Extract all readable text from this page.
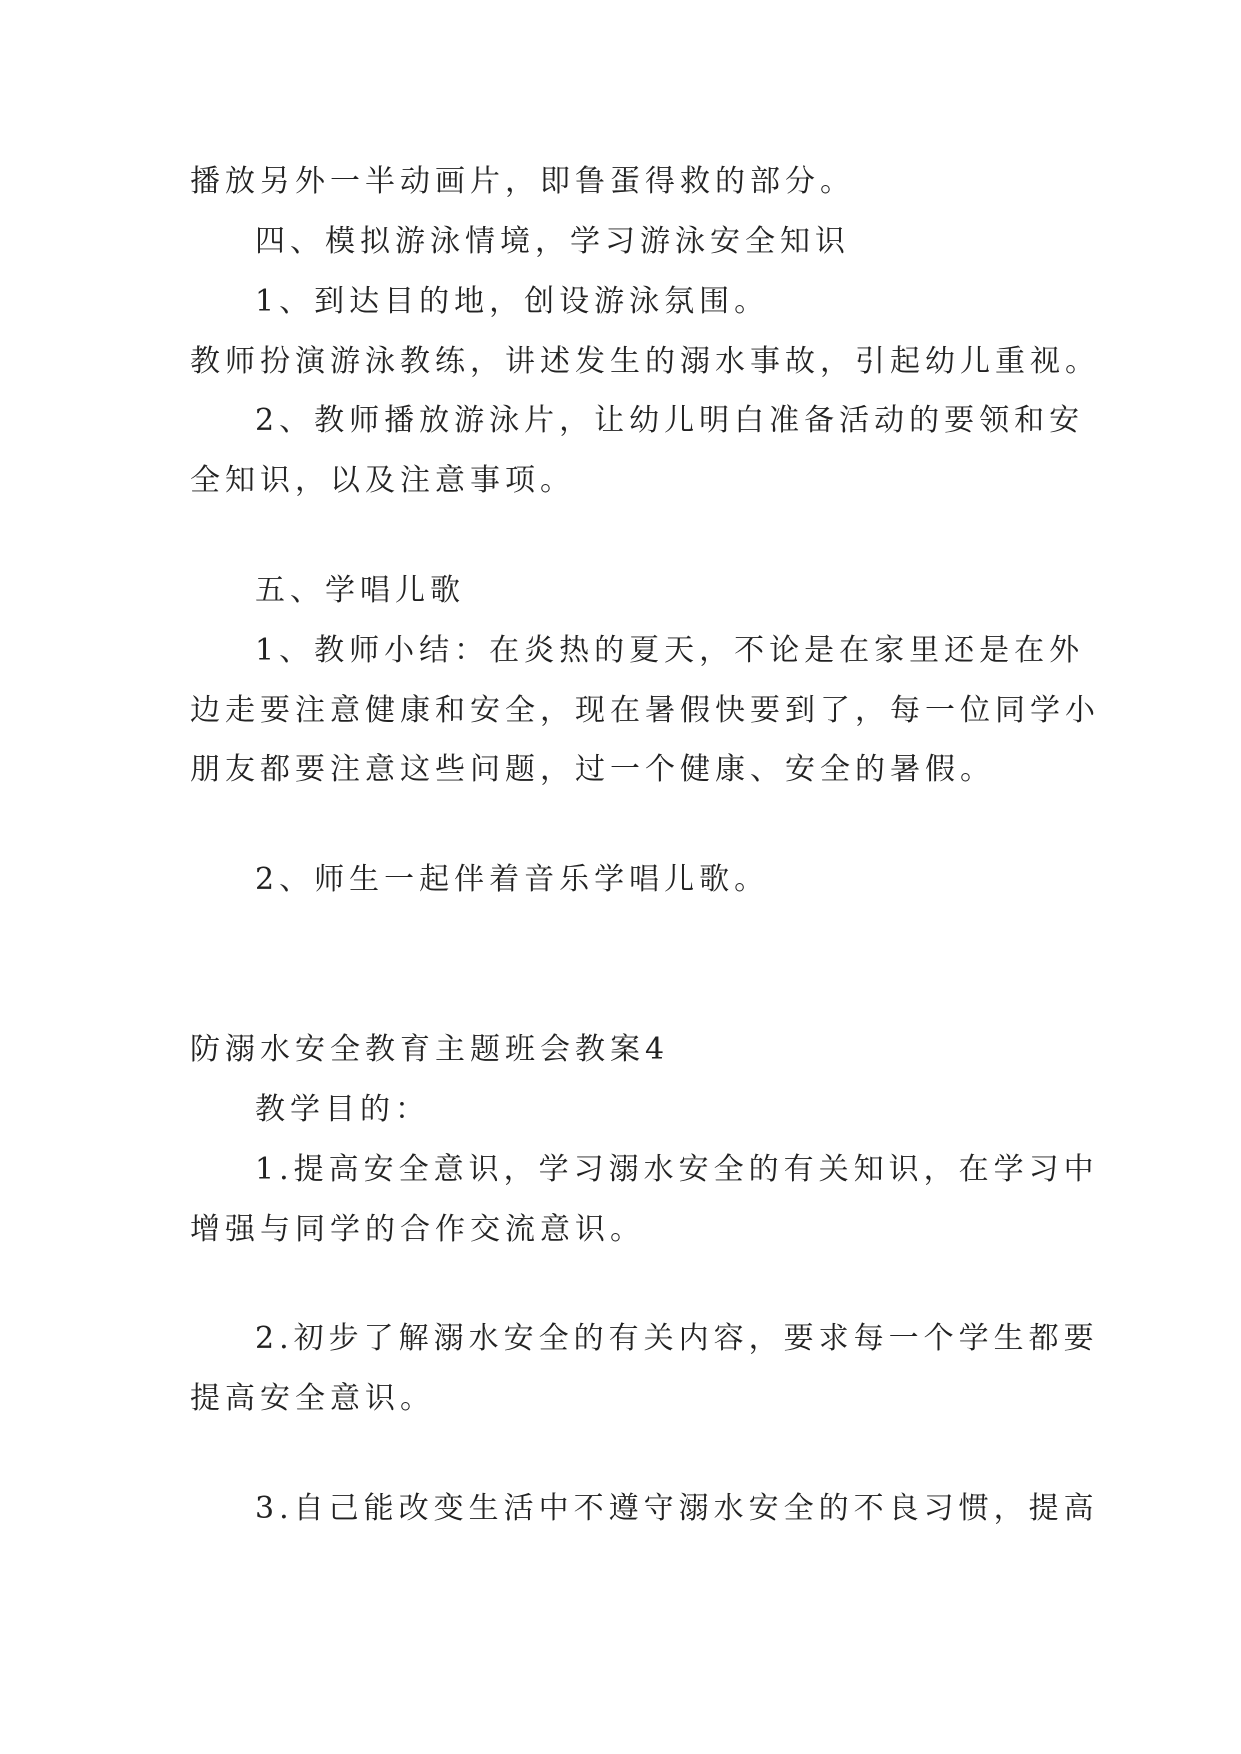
播放另外一半动画片，即鲁蛋得救的部分。
四、模拟游泳情境，学习游泳安全知识
1、到达目的地，创设游泳氛围。
教师扮演游泳教练，讲述发生的溺水事故，引起幼儿重视。
2、教师播放游泳片，让幼儿明白准备活动的要领和安
全知识，以及注意事项。
五、学唱儿歌
1、教师小结：在炎热的夏天，不论是在家里还是在外
边走要注意健康和安全，现在暑假快要到了，每一位同学小
朋友都要注意这些问题，过一个健康、安全的暑假。
2、师生一起伴着音乐学唱儿歌。
防溺水安全教育主题班会教案4
教学目的：
1.提高安全意识，学习溺水安全的有关知识，在学习中
增强与同学的合作交流意识。
2.初步了解溺水安全的有关内容，要求每一个学生都要
提高安全意识。
3.自己能改变生活中不遵守溺水安全的不良习惯，提高
